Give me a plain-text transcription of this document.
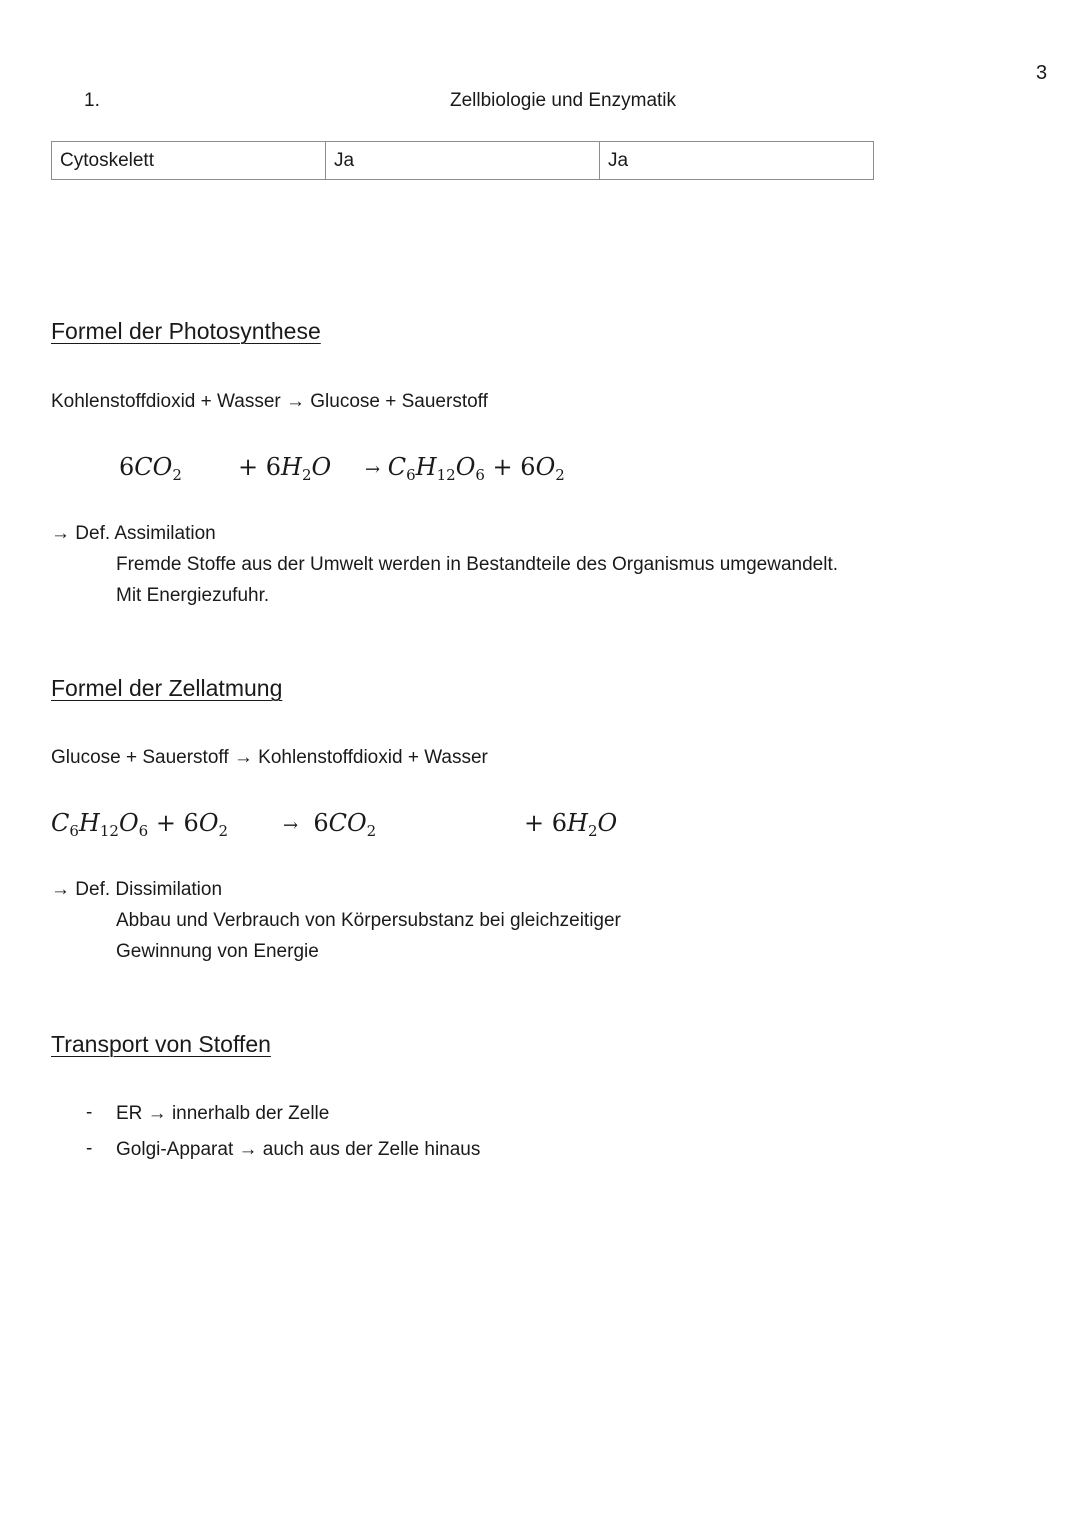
3
1.	Zellbiologie und Enzymatik
Cytoskelett	Ja	Ja
Formel der Photosynthese
Kohlenstoffdioxid + Wasser → Glucose + Sauerstoff
$6CO_2 + 6H_2O \to C_6H_{12}O_6 + 6O_2$
→ Def. Assimilation
Fremde Stoffe aus der Umwelt werden in Bestandteile des Organismus umgewandelt.
Mit Energiezufuhr.
Formel der Zellatmung
Glucose + Sauerstoff → Kohlenstoffdioxid + Wasser
$C_6H_{12}O_6 + 6O_2$	→  $6CO_2$	+ $6H_2O$
→ Def. Dissimilation
Abbau und Verbrauch von Körpersubstanz bei gleichzeitiger
Gewinnung von Energie
Transport von Stoffen
- ER → innerhalb der Zelle
- Golgi-Apparat → auch aus der Zelle hinaus
